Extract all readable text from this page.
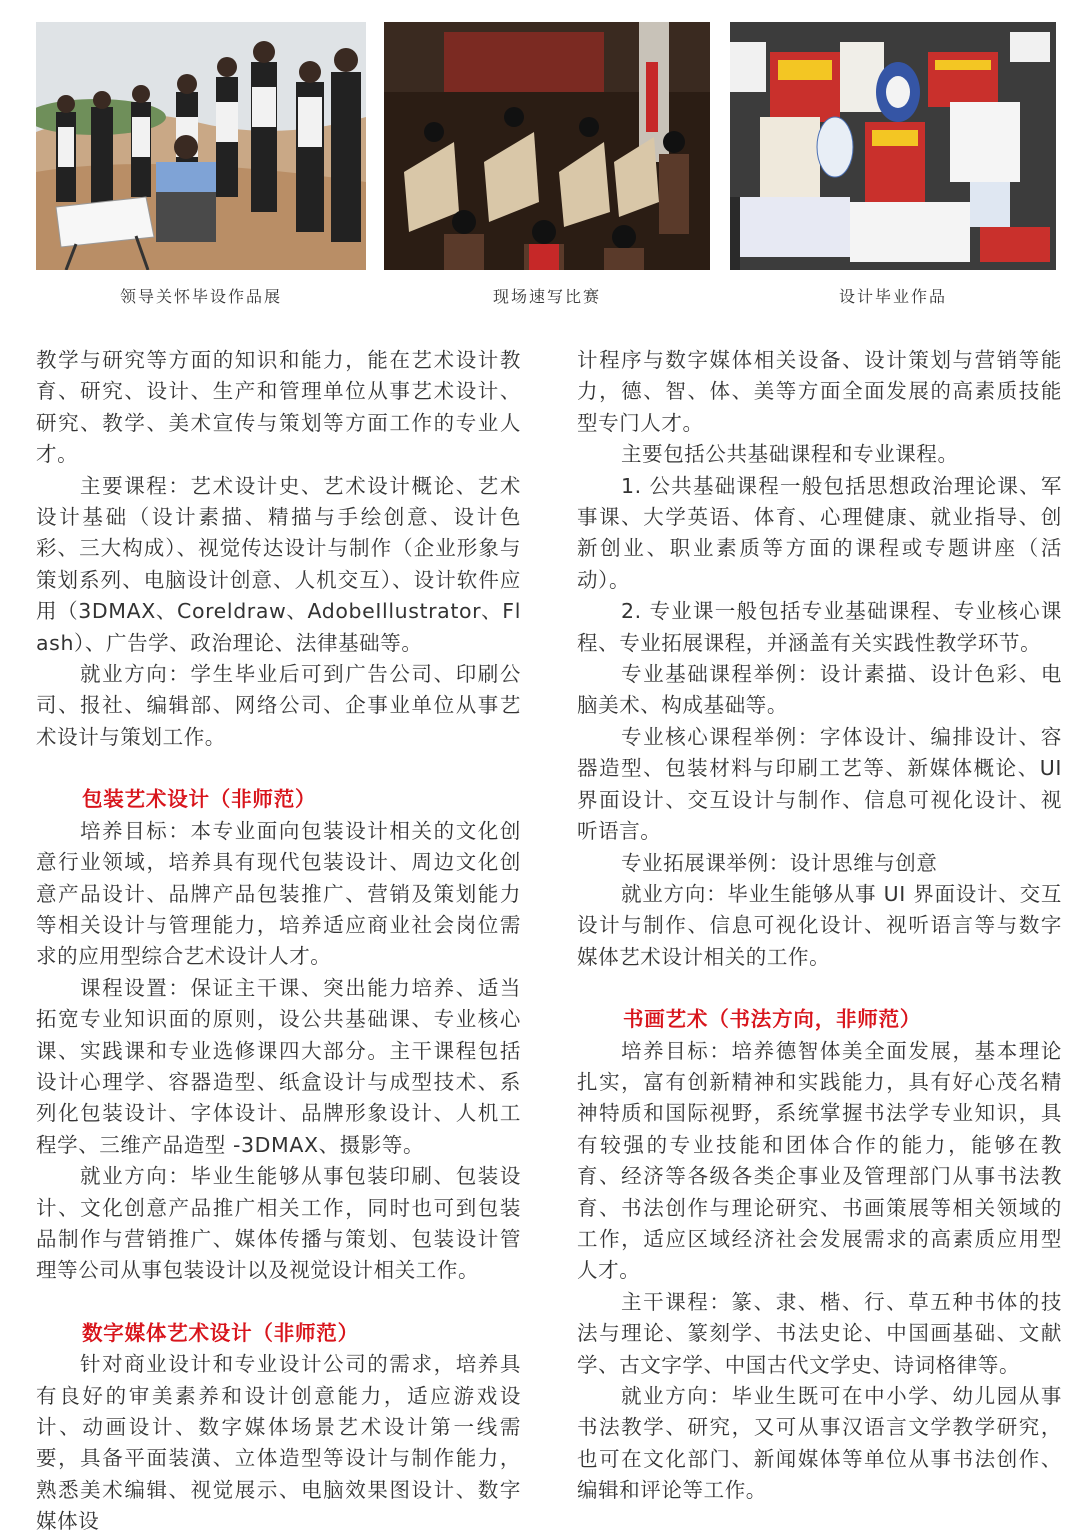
领导关怀毕设作品展	现场速写比赛	设计毕业作品

教学与研究等方面的知识和能力，能在艺术设计教育、研究、设计、生产和管理单位从事艺术设计、研究、教学、美术宣传与策划等方面工作的专业人才。

主要课程：艺术设计史、艺术设计概论、艺术设计基础（设计素描、精描与手绘创意、设计色彩、三大构成）、视觉传达设计与制作（企业形象与策划系列、电脑设计创意、人机交互）、设计软件应用（3DMAX、Coreldraw、AdobeIllustrator、Flash）、广告学、政治理论、法律基础等。

就业方向：学生毕业后可到广告公司、印刷公司、报社、编辑部、网络公司、企事业单位从事艺术设计与策划工作。

包装艺术设计（非师范）

培养目标：本专业面向包装设计相关的文化创意行业领域，培养具有现代包装设计、周边文化创意产品设计、品牌产品包装推广、营销及策划能力等相关设计与管理能力，培养适应商业社会岗位需求的应用型综合艺术设计人才。

课程设置：保证主干课、突出能力培养、适当拓宽专业知识面的原则，设公共基础课、专业核心课、实践课和专业选修课四大部分。主干课程包括设计心理学、容器造型、纸盒设计与成型技术、系列化包装设计、字体设计、品牌形象设计、人机工程学、三维产品造型 -3DMAX、摄影等。

就业方向：毕业生能够从事包装印刷、包装设计、文化创意产品推广相关工作，同时也可到包装品制作与营销推广、媒体传播与策划、包装设计管理等公司从事包装设计以及视觉设计相关工作。

数字媒体艺术设计（非师范）

针对商业设计和专业设计公司的需求，培养具有良好的审美素养和设计创意能力，适应游戏设计、动画设计、数字媒体场景艺术设计第一线需要，具备平面装潢、立体造型等设计与制作能力，熟悉美术编辑、视觉展示、电脑效果图设计、数字媒体设

计程序与数字媒体相关设备、设计策划与营销等能力，德、智、体、美等方面全面发展的高素质技能型专门人才。

主要包括公共基础课程和专业课程。

1. 公共基础课程一般包括思想政治理论课、军事课、大学英语、体育、心理健康、就业指导、创新创业、职业素质等方面的课程或专题讲座（活动）。

2. 专业课一般包括专业基础课程、专业核心课程、专业拓展课程，并涵盖有关实践性教学环节。

专业基础课程举例：设计素描、设计色彩、电脑美术、构成基础等。

专业核心课程举例：字体设计、编排设计、容器造型、包装材料与印刷工艺等、新媒体概论、UI界面设计、交互设计与制作、信息可视化设计、视听语言。

专业拓展课举例：设计思维与创意

就业方向：毕业生能够从事 UI 界面设计、交互设计与制作、信息可视化设计、视听语言等与数字媒体艺术设计相关的工作。

书画艺术（书法方向，非师范）

培养目标：培养德智体美全面发展，基本理论扎实，富有创新精神和实践能力，具有好心茂名精神特质和国际视野，系统掌握书法学专业知识，具有较强的专业技能和团体合作的能力，能够在教育、经济等各级各类企事业及管理部门从事书法教育、书法创作与理论研究、书画策展等相关领域的工作，适应区域经济社会发展需求的高素质应用型人才。

主干课程：篆、隶、楷、行、草五种书体的技法与理论、篆刻学、书法史论、中国画基础、文献学、古文字学、中国古代文学史、诗词格律等。

就业方向：毕业生既可在中小学、幼儿园从事书法教学、研究，又可从事汉语言文学教学研究，也可在文化部门、新闻媒体等单位从事书法创作、编辑和评论等工作。
